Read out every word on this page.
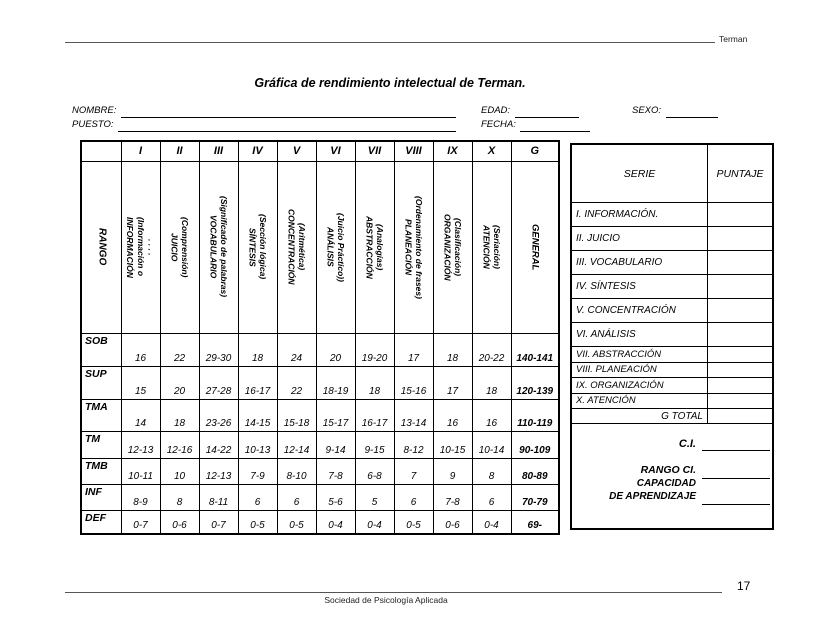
Terman
Gráfica de rendimiento intelectual de Terman.
NOMBRE:	EDAD:	SEXO:
PUESTO:	FECHA:
	I	II	III	IV	V	VI	VII	VIII	IX	X	G

RANGO	INFORMACIÓN (Información o . . . .	JUICIO (Comprensión)	VOCABULARIO (Significado de palabras)	SÍNTESIS (Sección lógica)	CONCENTRACIÓN (Aritmética)	ANÁLISIS (Juicio Práctico))	ABSTRACCIÓN (Analogías)	PLANEACIÓN (Ordenamiento de frases)	ORGANIZACIÓN (Clasificación)	ATENCIÓN (Seriación)	GENERAL

SOB	16	22	29-30	18	24	20	19-20	17	18	20-22	140-141
SUP	15	20	27-28	16-17	22	18-19	18	15-16	17	18	120-139
TMA	14	18	23-26	14-15	15-18	15-17	16-17	13-14	16	16	110-119
TM	12-13	12-16	14-22	10-13	12-14	9-14	9-15	8-12	10-15	10-14	90-109
TMB	10-11	10	12-13	7-9	8-10	7-8	6-8	7	9	8	80-89
INF	8-9	8	8-11	6	6	5-6	5	6	7-8	6	70-79
DEF	0-7	0-6	0-7	0-5	0-5	0-4	0-4	0-5	0-6	0-4	69-
SERIE	PUNTAJE
I. INFORMACIÓN.
II. JUICIO
III. VOCABULARIO
IV. SÍNTESIS
V. CONCENTRACIÓN
VI. ANÁLISIS
VII. ABSTRACCIÓN
VIII. PLANEACIÓN
IX. ORGANIZACIÓN
X. ATENCIÓN
G TOTAL
C.I.
RANGO CI.
CAPACIDAD
DE APRENDIZAJE
Sociedad de Psicología Aplicada
17
